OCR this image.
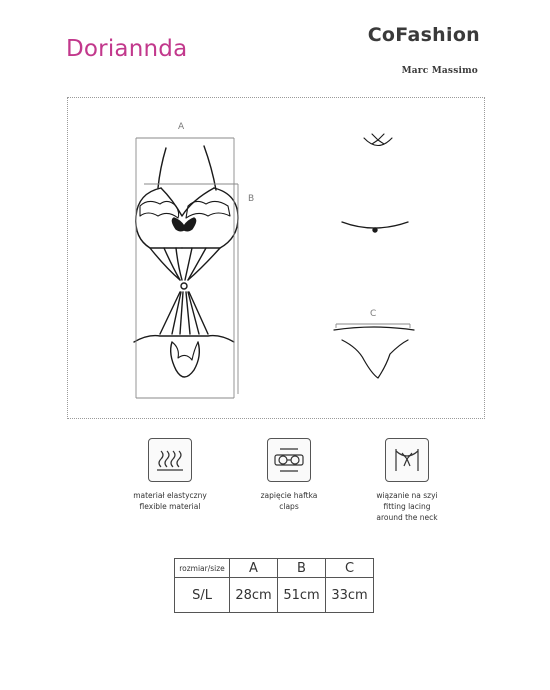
Doriannda
CoFashion
Marc Massimo
A
B
C
materiał elastyczny
flexible material
zapięcie haftka
claps
wiązanie na szyi
fitting lacing
around the neck
rozmiar/size	A	B	C
S/L	28cm	51cm	33cm
